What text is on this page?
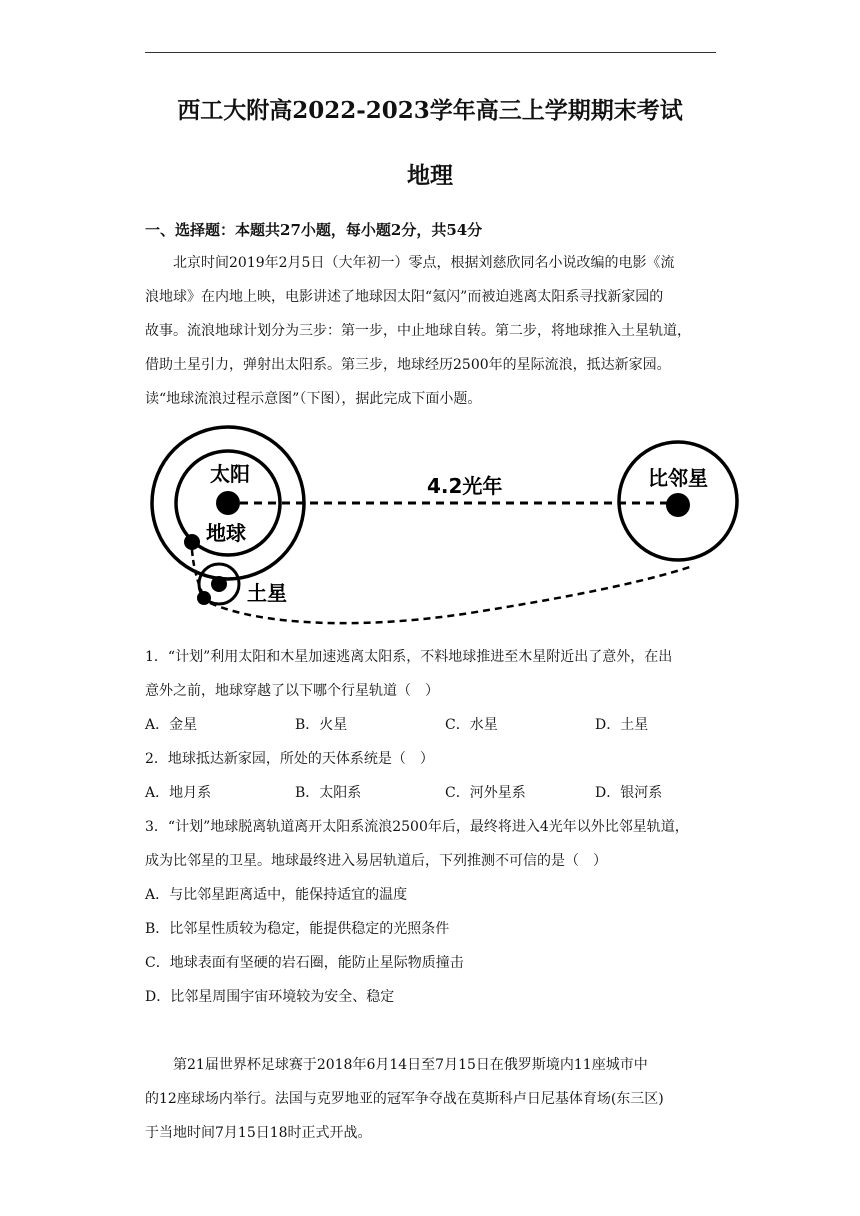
西工大附高2022-2023学年高三上学期期末考试
地理
一、选择题：本题共27小题，每小题2分，共54分
北京时间2019年2月5日（大年初一）零点，根据刘慈欣同名小说改编的电影《流
浪地球》在内地上映，电影讲述了地球因太阳“氦闪”而被迫逃离太阳系寻找新家园的
故事。流浪地球计划分为三步：第一步，中止地球自转。第二步，将地球推入土星轨道，
借助土星引力，弹射出太阳系。第三步，地球经历2500年的星际流浪，抵达新家园。
读“地球流浪过程示意图”（下图），据此完成下面小题。
太阳
地球
土星
4.2光年	比邻星
1．“计划”利用太阳和木星加速逃离太阳系，不料地球推进至木星附近出了意外，在出
意外之前，地球穿越了以下哪个行星轨道（　）
A．金星	B．火星	C．水星	D．土星
2．地球抵达新家园，所处的天体系统是（　）
A．地月系	B．太阳系	C．河外星系	D．银河系
3．“计划”地球脱离轨道离开太阳系流浪2500年后，最终将进入4光年以外比邻星轨道，
成为比邻星的卫星。地球最终进入易居轨道后，下列推测不可信的是（　）
A．与比邻星距离适中，能保持适宜的温度
B．比邻星性质较为稳定，能提供稳定的光照条件
C．地球表面有坚硬的岩石圈，能防止星际物质撞击
D．比邻星周围宇宙环境较为安全、稳定
第21届世界杯足球赛于2018年6月14日至7月15日在俄罗斯境内11座城市中
的12座球场内举行。法国与克罗地亚的冠军争夺战在莫斯科卢日尼基体育场(东三区)
于当地时间7月15日18时正式开战。
